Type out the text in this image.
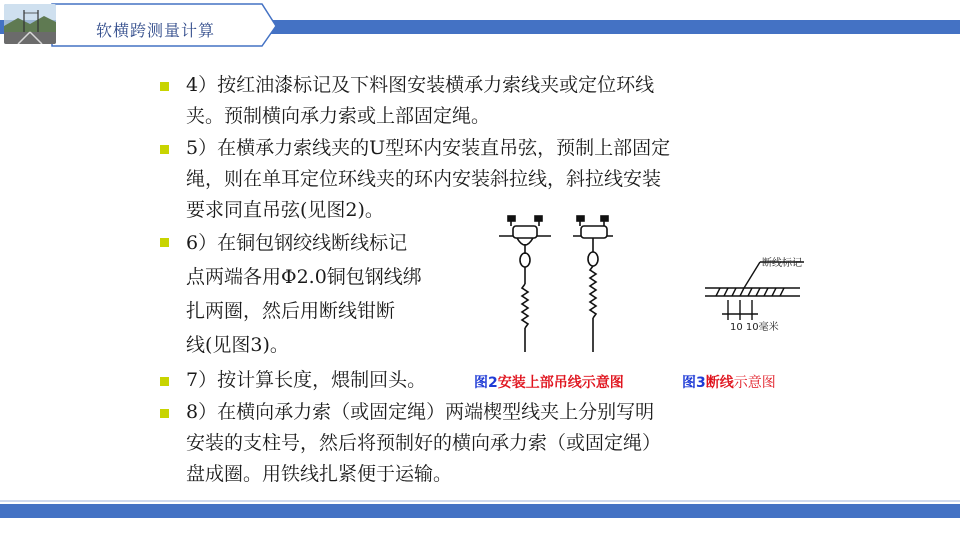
软横跨测量计算
4）按红油漆标记及下料图安装横承力索线夹或定位环线
夹。预制横向承力索或上部固定绳。
5）在横承力索线夹的U型环内安装直吊弦，预制上部固定
绳，则在单耳定位环线夹的环内安装斜拉线，斜拉线安装
要求同直吊弦(见图2)。
6）在铜包钢绞线断线标记
点两端各用Φ2.0铜包钢线绑
扎两圈，然后用断线钳断
线(见图3)。
7）按计算长度，煨制回头。
8）在横向承力索（或固定绳）两端楔型线夹上分别写明
安装的支柱号，然后将预制好的横向承力索（或固定绳）
盘成圈。用铁线扎紧便于运输。
断线标记
10 10毫米
图2安装上部吊线示意图	图3断线示意图
